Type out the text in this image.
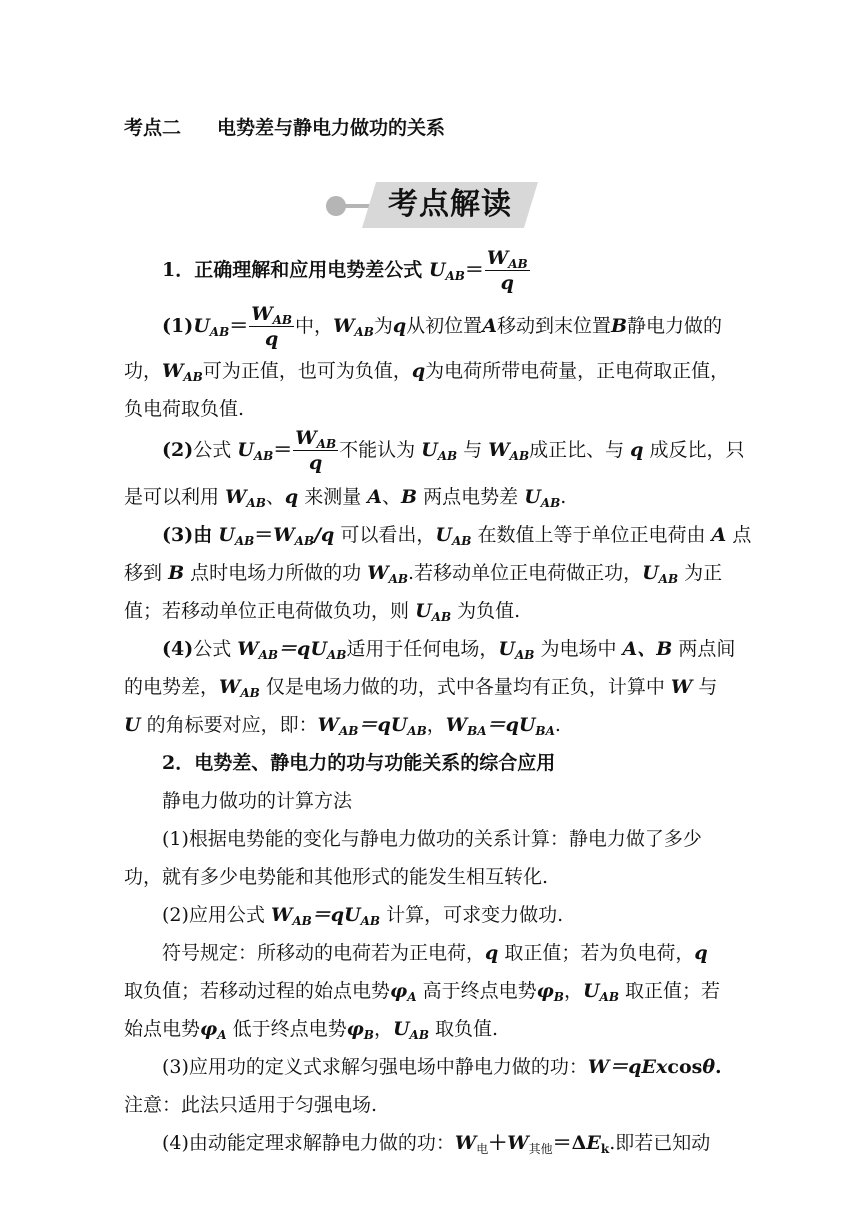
考点二 电势差与静电力做功的关系
考点解读
1．正确理解和应用电势差公式 $U_{AB}= \frac{W_{AB}}{q}$
$(1)U_{AB}= \frac{W_{AB}}{q}$ 中，$W_{AB}$为q从初位置A移动到末位置B静电力做的
功，$W_{AB}$可为正值，也可为负值，q为电荷所带电荷量，正电荷取正值，
负电荷取负值.
(2)公式 $U_{AB}= \frac{W_{AB}}{q}$ 不能认为 $U_{AB}$ 与 $W_{AB}$成正比、与 q 成反比，只
是可以利用 $W_{AB}$、q 来测量 A、B 两点电势差 $U_{AB}$.
(3)由 $U_{AB}=W_{AB}/q$ 可以看出，$U_{AB}$ 在数值上等于单位正电荷由 A 点
移到 B 点时电场力所做的功 $W_{AB}$.若移动单位正电荷做正功，$U_{AB}$ 为正
值；若移动单位正电荷做负功，则 $U_{AB}$ 为负值.
(4)公式 $W_{AB}=qU_{AB}$适用于任何电场，$U_{AB}$ 为电场中 A、B 两点间
的电势差，$W_{AB}$ 仅是电场力做的功，式中各量均有正负，计算中 W 与
U 的角标要对应，即：$W_{AB}=qU_{AB}$，$W_{BA}=qU_{BA}$.
2．电势差、静电力的功与功能关系的综合应用
静电力做功的计算方法
(1)根据电势能的变化与静电力做功的关系计算：静电力做了多少
功，就有多少电势能和其他形式的能发生相互转化.
(2)应用公式 $W_{AB}=qU_{AB}$ 计算，可求变力做功.
符号规定：所移动的电荷若为正电荷，q 取正值；若为负电荷，q
取负值；若移动过程的始点电势$\varphi_A$ 高于终点电势$\varphi_B$，$U_{AB}$ 取正值；若
始点电势$\varphi_A$ 低于终点电势$\varphi_B$，$U_{AB}$ 取负值.
(3)应用功的定义式求解匀强电场中静电力做的功：W＝qExcosθ.
注意：此法只适用于匀强电场.
(4)由动能定理求解静电力做的功：$W_电+W_{其他}=\Delta E_k$.即若已知动
